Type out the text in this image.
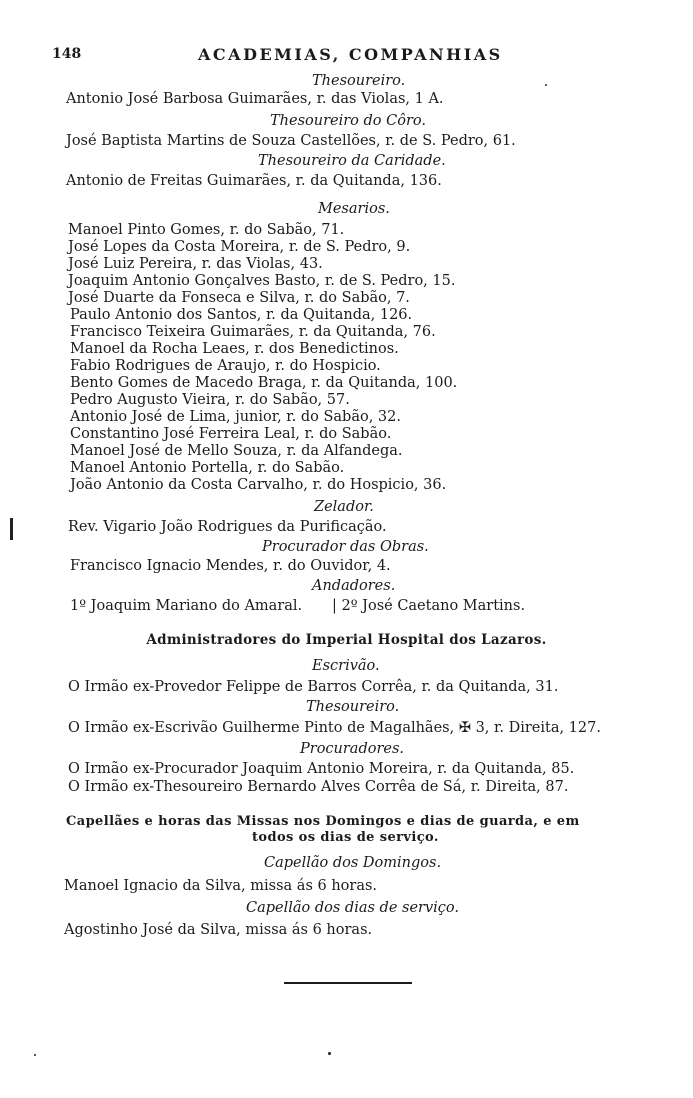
148	ACADEMIAS, COMPANHIAS
Thesoureiro.
Antonio José Barbosa Guimarães, r. das Violas, 1 A.
Thesoureiro do Côro.
José Baptista Martins de Souza Castellões, r. de S. Pedro, 61.
Thesoureiro da Caridade.
Antonio de Freitas Guimarães, r. da Quitanda, 136.
Mesarios.
Manoel Pinto Gomes, r. do Sabão, 71.
José Lopes da Costa Moreira, r. de S. Pedro, 9.
José Luiz Pereira, r. das Violas, 43.
Joaquim Antonio Gonçalves Basto, r. de S. Pedro, 15.
José Duarte da Fonseca e Silva, r. do Sabão, 7.
Paulo Antonio dos Santos, r. da Quitanda, 126.
Francisco Teixeira Guimarães, r. da Quitanda, 76.
Manoel da Rocha Leaes, r. dos Benedictinos.
Fabio Rodrigues de Araujo, r. do Hospicio.
Bento Gomes de Macedo Braga, r. da Quitanda, 100.
Pedro Augusto Vieira, r. do Sabão, 57.
Antonio José de Lima, junior, r. do Sabão, 32.
Constantino José Ferreira Leal, r. do Sabão.
Manoel José de Mello Souza, r. da Alfandega.
Manoel Antonio Portella, r. do Sabão.
João Antonio da Costa Carvalho, r. do Hospicio, 36.
Zelador.
Rev. Vigario João Rodrigues da Purificação.
Procurador das Obras.
Francisco Ignacio Mendes, r. do Ouvidor, 4.
Andadores.
1º Joaquim Mariano do Amaral. | 2º José Caetano Martins.
Administradores do Imperial Hospital dos Lazaros.
Escrivão.
O Irmão ex-Provedor Felippe de Barros Corrêa, r. da Quitanda, 31.
Thesoureiro.
O Irmão ex-Escrivão Guilherme Pinto de Magalhães, ✠ 3, r. Direita, 127.
Procuradores.
O Irmão ex-Procurador Joaquim Antonio Moreira, r. da Quitanda, 85.
O Irmão ex-Thesoureiro Bernardo Alves Corrêa de Sá, r. Direita, 87.
Capellães e horas das Missas nos Domingos e dias de guarda, e em
todos os dias de serviço.
Capellão dos Domingos.
Manoel Ignacio da Silva, missa ás 6 horas.
Capellão dos dias de serviço.
Agostinho José da Silva, missa ás 6 horas.
